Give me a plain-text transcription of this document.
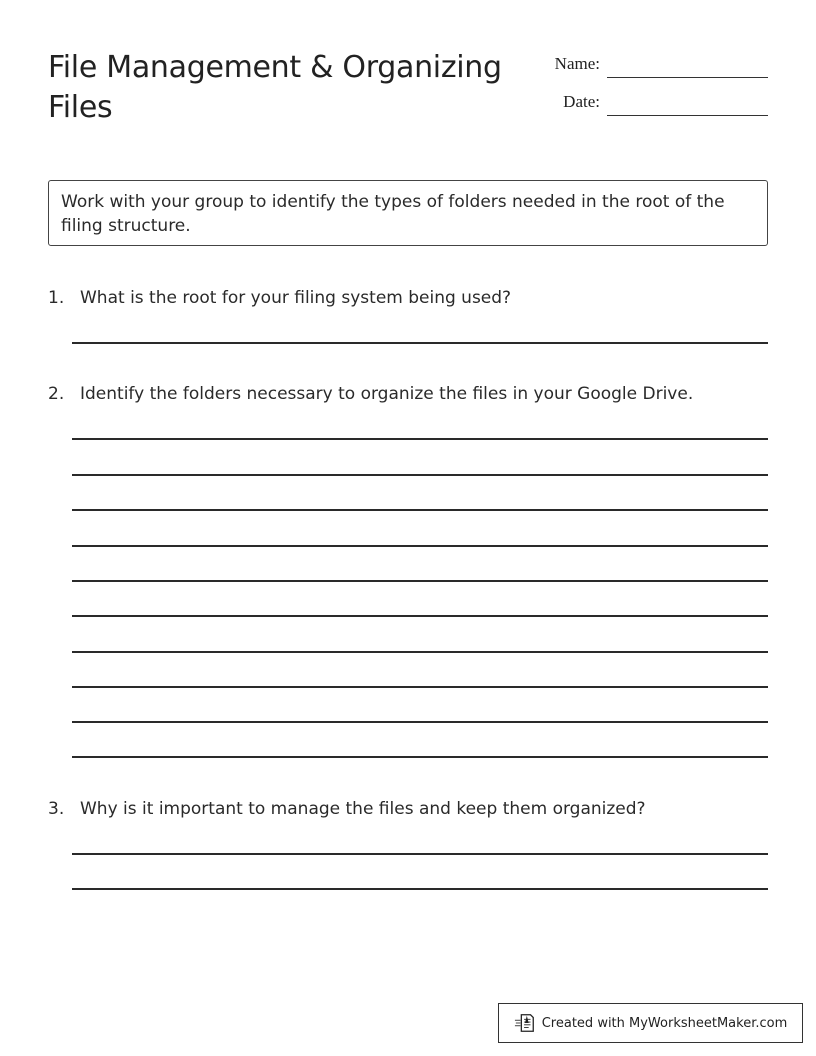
File Management & Organizing
Files
Name:
Date:
Work with your group to identify the types of folders needed in the root of the filing structure.
1. What is the root for your filing system being used?
2. Identify the folders necessary to organize the files in your Google Drive.
3. Why is it important to manage the files and keep them organized?
Created with MyWorksheetMaker.com
